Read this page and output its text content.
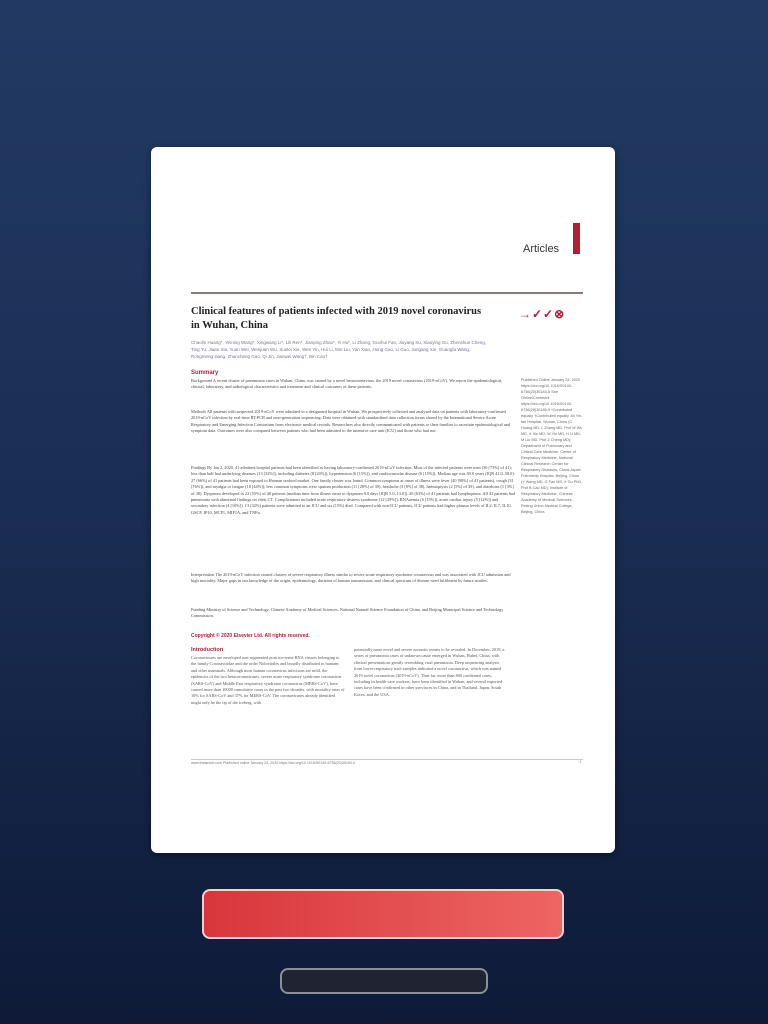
Articles
Clinical features of patients infected with 2019 novel coronavirus in Wuhan, China
→✓✓⊗
Chaolin Huang*, Yeming Wang*, Xingwang Li*, Lili Ren*, Jianping Zhao*, Yi Hu*, Li Zhang, Guohui Fan, Jiuyang Xu, Xiaoying Gu, Zhenshun Cheng, Ting Yu, Jiaan Xia, Yuan Wei, Wenjuan Wu, Xuelei Xie, Wen Yin, Hui Li, Min Liu, Yan Xiao, Hong Gao, Li Guo, Jungang Xie, Guangfa Wang, Rongmeng Jiang, Zhancheng Gao, Qi Jin, Jianwei Wang†, Bin Cao†
Summary
Background A recent cluster of pneumonia cases in Wuhan, China, was caused by a novel betacoronavirus, the 2019 novel coronavirus (2019-nCoV). We report the epidemiological, clinical, laboratory, and radiological characteristics and treatment and clinical outcomes of these patients.
Methods All patients with suspected 2019-nCoV were admitted to a designated hospital in Wuhan. We prospectively collected and analysed data on patients with laboratory-confirmed 2019-nCoV infection by real-time RT-PCR and next-generation sequencing. Data were obtained with standardised data collection forms shared by the International Severe Acute Respiratory and Emerging Infection Consortium from electronic medical records. Researchers also directly communicated with patients or their families to ascertain epidemiological and symptom data. Outcomes were also compared between patients who had been admitted to the intensive care unit (ICU) and those who had not.
Findings By Jan 2, 2020, 41 admitted hospital patients had been identified as having laboratory-confirmed 2019-nCoV infection. Most of the infected patients were men (30 [73%] of 41); less than half had underlying diseases (13 [32%]), including diabetes (8 [20%]), hypertension (6 [15%]), and cardiovascular disease (6 [15%]). Median age was 49.0 years (IQR 41.0–58.0). 27 (66%) of 41 patients had been exposed to Huanan seafood market. One family cluster was found. Common symptoms at onset of illness were fever (40 [98%] of 41 patients), cough (31 [76%]), and myalgia or fatigue (18 [44%]); less common symptoms were sputum production (11 [28%] of 39), headache (3 [8%] of 38), haemoptysis (2 [5%] of 39), and diarrhoea (1 [3%] of 38). Dyspnoea developed in 22 (55%) of 40 patients (median time from illness onset to dyspnoea 8.0 days [IQR 5.0–13.0]). 26 (63%) of 41 patients had lymphopenia. All 41 patients had pneumonia with abnormal findings on chest CT. Complications included acute respiratory distress syndrome (12 [29%]), RNAaemia (6 [15%]), acute cardiac injury (5 [12%]) and secondary infection (4 [10%]). 13 (32%) patients were admitted to an ICU and six (15%) died. Compared with non-ICU patients, ICU patients had higher plasma levels of IL2, IL7, IL10, GSCF, IP10, MCP1, MIP1A, and TNFα.
Interpretation The 2019-nCoV infection caused clusters of severe respiratory illness similar to severe acute respiratory syndrome coronavirus and was associated with ICU admission and high mortality. Major gaps in our knowledge of the origin, epidemiology, duration of human transmission, and clinical spectrum of disease need fulfilment by future studies.
Funding Ministry of Science and Technology, Chinese Academy of Medical Sciences, National Natural Science Foundation of China, and Beijing Municipal Science and Technology Commission.
Copyright © 2020 Elsevier Ltd. All rights reserved.
Introduction
Coronaviruses are enveloped non-segmented positive-sense RNA viruses belonging to the family Coronaviridae and the order Nidovirales and broadly distributed in humans and other mammals. Although most human coronavirus infections are mild, the epidemics of the two betacoronaviruses, severe acute respiratory syndrome coronavirus (SARS-CoV) and Middle East respiratory syndrome coronavirus (MERS-CoV), have caused more than 10000 cumulative cases in the past two decades, with mortality rates of 10% for SARS-CoV and 37% for MERS-CoV. The coronaviruses already identified might only be the tip of the iceberg, with
potentially more novel and severe zoonotic events to be revealed. In December, 2019, a series of pneumonia cases of unknown cause emerged in Wuhan, Hubei, China, with clinical presentations greatly resembling viral pneumonia. Deep sequencing analysis from lower respiratory tract samples indicated a novel coronavirus, which was named 2019 novel coronavirus (2019-nCoV). Thus far, more than 800 confirmed cases, including in health-care workers, have been identified in Wuhan, and several exported cases have been confirmed in other provinces in China, and in Thailand, Japan, South Korea, and the USA.
Published Online January 24, 2020 https://doi.org/10.1016/S0140-6736(20)30183-5 See Online/Comment https://doi.org/10.1016/S0140-6736(20)30185-9 *Contributed equally †Contributed equally Jin Yin-tan Hospital, Wuhan, China (C Huang MD, L Zhang MD, Prof W Wu MD, X Xie MD, W Yin MD, H Li MD, M Liu MD, Prof Z Cheng MD); Department of Pulmonary and Critical Care Medicine, Center of Respiratory Medicine, National Clinical Research Center for Respiratory Diseases, China-Japan Friendship Hospital, Beijing, China (Y Wang MD, G Fan MS, X Gu PhD, Prof B Cao MD); Institute of Respiratory Medicine, Chinese Academy of Medical Sciences, Peking Union Medical College, Beijing, China
www.thelancet.com Published online January 24, 2020 https://doi.org/10.1016/S0140-6736(20)30183-5	1
